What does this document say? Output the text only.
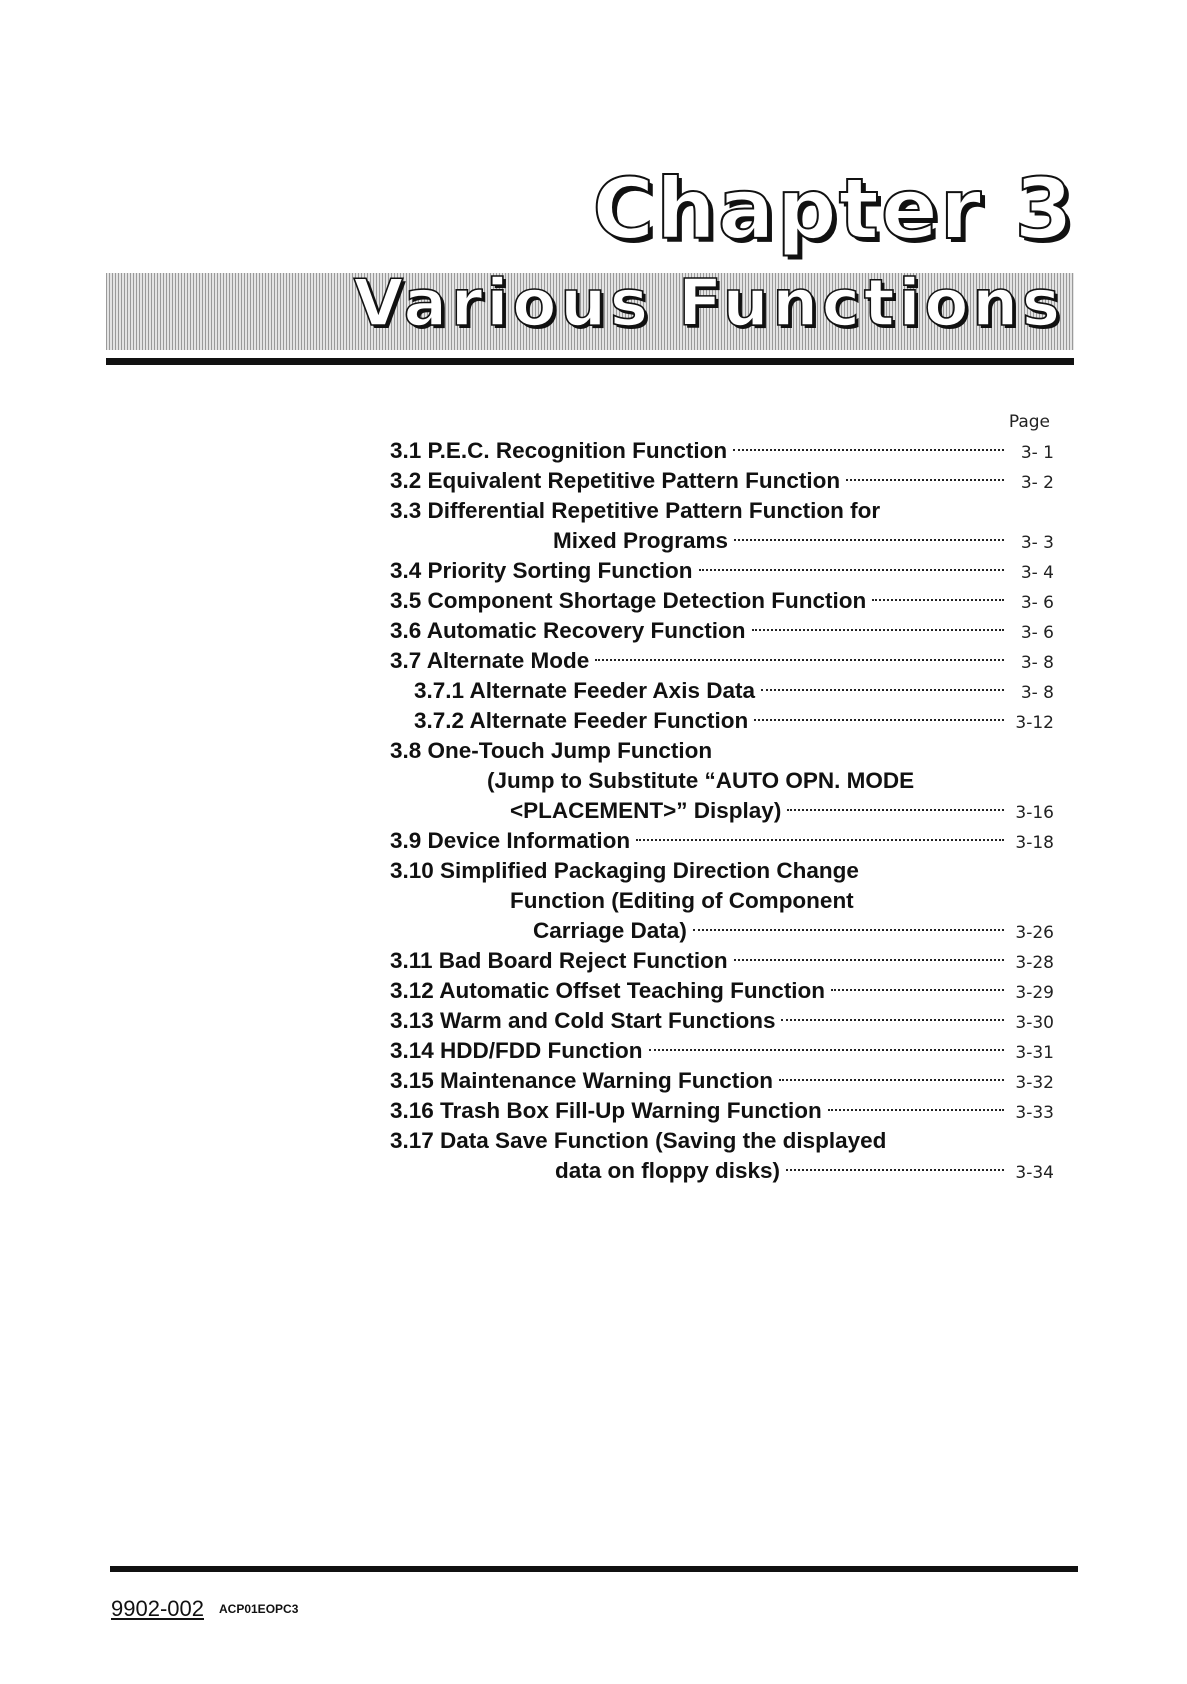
Chapter 3
Various Functions
Page
3.1 P.E.C. Recognition Function	3- 1
3.2 Equivalent Repetitive Pattern Function	3- 2
3.3 Differential Repetitive Pattern Function for
Mixed Programs	3- 3
3.4 Priority Sorting Function	3- 4
3.5 Component Shortage Detection Function	3- 6
3.6 Automatic Recovery Function	3- 6
3.7 Alternate Mode	3- 8
3.7.1 Alternate Feeder Axis Data	3- 8
3.7.2 Alternate Feeder Function	3-12
3.8 One-Touch Jump Function
(Jump to Substitute “AUTO OPN. MODE
<PLACEMENT>” Display)	3-16
3.9 Device Information	3-18
3.10 Simplified Packaging Direction Change
Function (Editing of Component
Carriage Data)	3-26
3.11 Bad Board Reject Function	3-28
3.12 Automatic Offset Teaching Function	3-29
3.13 Warm and Cold Start Functions	3-30
3.14 HDD/FDD Function	3-31
3.15 Maintenance Warning Function	3-32
3.16 Trash Box Fill-Up Warning Function	3-33
3.17 Data Save Function (Saving the displayed
data on floppy disks)	3-34
9902-002 ACP01EOPC3
